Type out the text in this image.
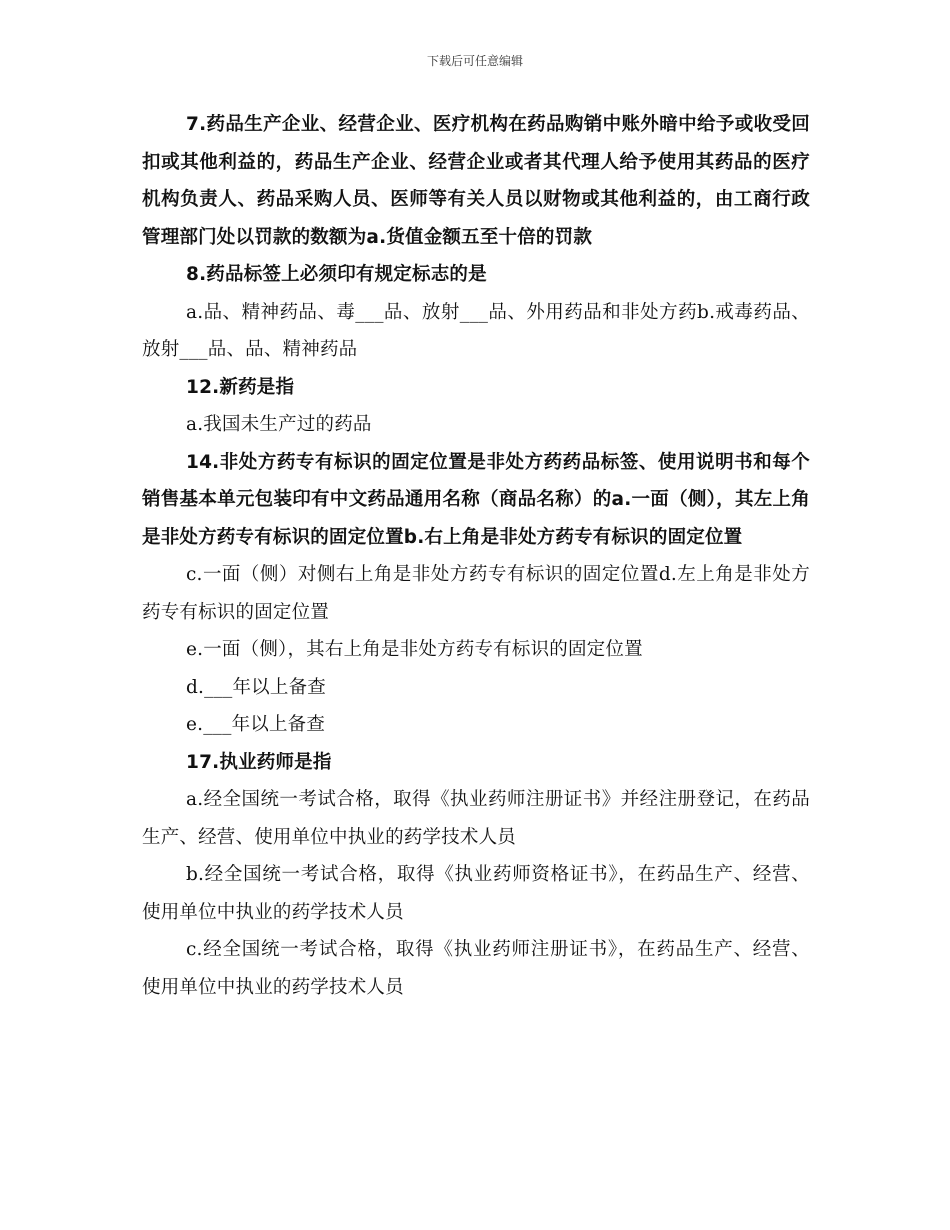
下载后可任意编辑

7.药品生产企业、经营企业、医疗机构在药品购销中账外暗中给予或收受回扣或其他利益的，药品生产企业、经营企业或者其代理人给予使用其药品的医疗机构负责人、药品采购人员、医师等有关人员以财物或其他利益的，由工商行政管理部门处以罚款的数额为a.货值金额五至十倍的罚款

8.药品标签上必须印有规定标志的是

a.品、精神药品、毒___品、放射___品、外用药品和非处方药b.戒毒药品、放射___品、品、精神药品

12.新药是指

a.我国未生产过的药品

14.非处方药专有标识的固定位置是非处方药药品标签、使用说明书和每个销售基本单元包装印有中文药品通用名称（商品名称）的a.一面（侧），其左上角是非处方药专有标识的固定位置b.右上角是非处方药专有标识的固定位置

c.一面（侧）对侧右上角是非处方药专有标识的固定位置d.左上角是非处方药专有标识的固定位置

e.一面（侧），其右上角是非处方药专有标识的固定位置

d.___年以上备查

e.___年以上备查

17.执业药师是指

a.经全国统一考试合格，取得《执业药师注册证书》并经注册登记，在药品生产、经营、使用单位中执业的药学技术人员

b.经全国统一考试合格，取得《执业药师资格证书》，在药品生产、经营、使用单位中执业的药学技术人员

c.经全国统一考试合格，取得《执业药师注册证书》，在药品生产、经营、使用单位中执业的药学技术人员
